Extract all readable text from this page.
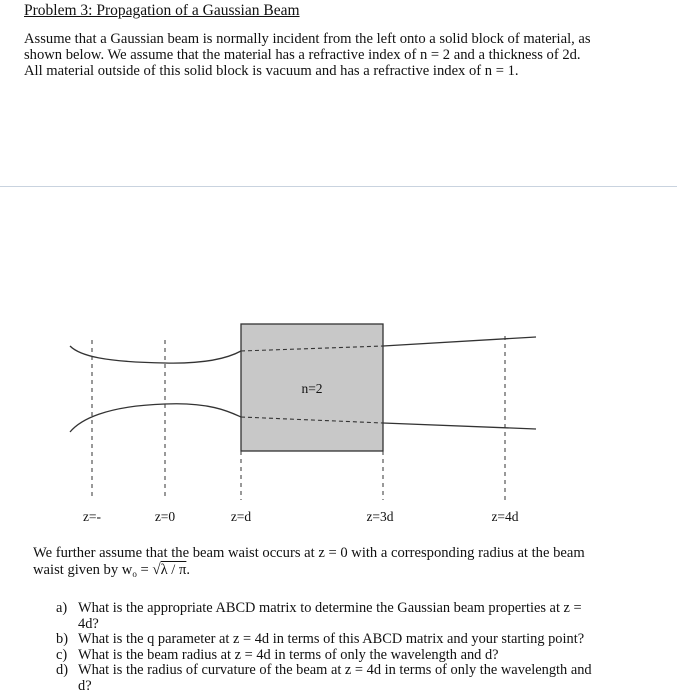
Problem 3: Propagation of a Gaussian Beam
Assume that a Gaussian beam is normally incident from the left onto a solid block of material, as
shown below. We assume that the material has a refractive index of n = 2 and a thickness of 2d.
All material outside of this solid block is vacuum and has a refractive index of n = 1.
n=2
z=-	z=0	z=d	z=3d	z=4d
We further assume that the beam waist occurs at z = 0 with a corresponding radius at the beam
waist given by $w_o = √\lambda / \pi$.
a) What is the appropriate ABCD matrix to determine the Gaussian beam properties at z =
4d?
b) What is the q parameter at z = 4d in terms of this ABCD matrix and your starting point?
c) What is the beam radius at z = 4d in terms of only the wavelength and d?
d) What is the radius of curvature of the beam at z = 4d in terms of only the wavelength and
d?
